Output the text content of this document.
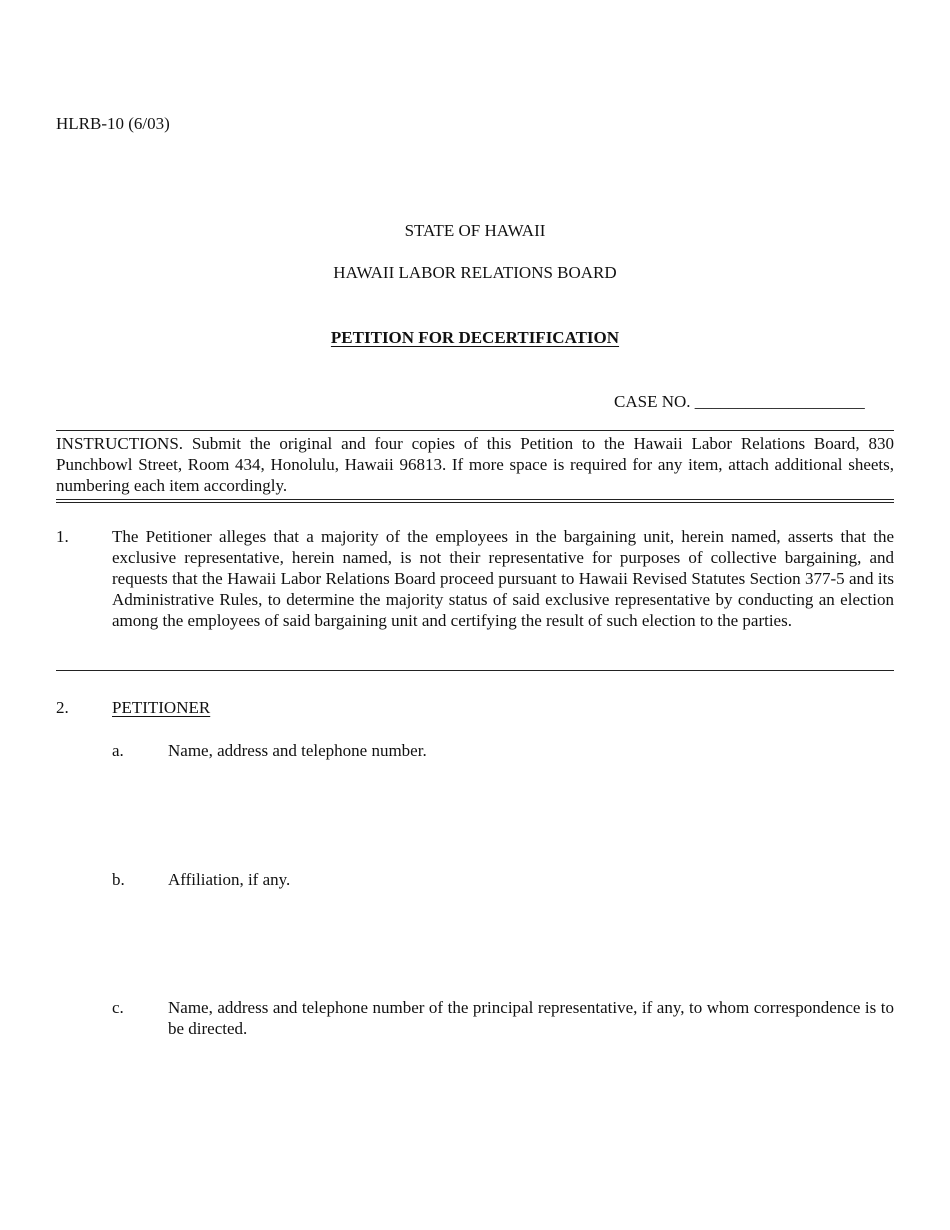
HLRB-10 (6/03)
STATE OF HAWAII
HAWAII LABOR RELATIONS BOARD
PETITION FOR DECERTIFICATION
CASE NO. ____________________
INSTRUCTIONS. Submit the original and four copies of this Petition to the Hawaii Labor Relations Board, 830 Punchbowl Street, Room 434, Honolulu, Hawaii 96813. If more space is required for any item, attach additional sheets, numbering each item accordingly.
1.	The Petitioner alleges that a majority of the employees in the bargaining unit, herein named, asserts that the exclusive representative, herein named, is not their representative for purposes of collective bargaining, and requests that the Hawaii Labor Relations Board proceed pursuant to Hawaii Revised Statutes Section 377-5 and its Administrative Rules, to determine the majority status of said exclusive representative by conducting an election among the employees of said bargaining unit and certifying the result of such election to the parties.
2.	PETITIONER
a.	Name, address and telephone number.
b.	Affiliation, if any.
c.	Name, address and telephone number of the principal representative, if any, to whom correspondence is to be directed.
